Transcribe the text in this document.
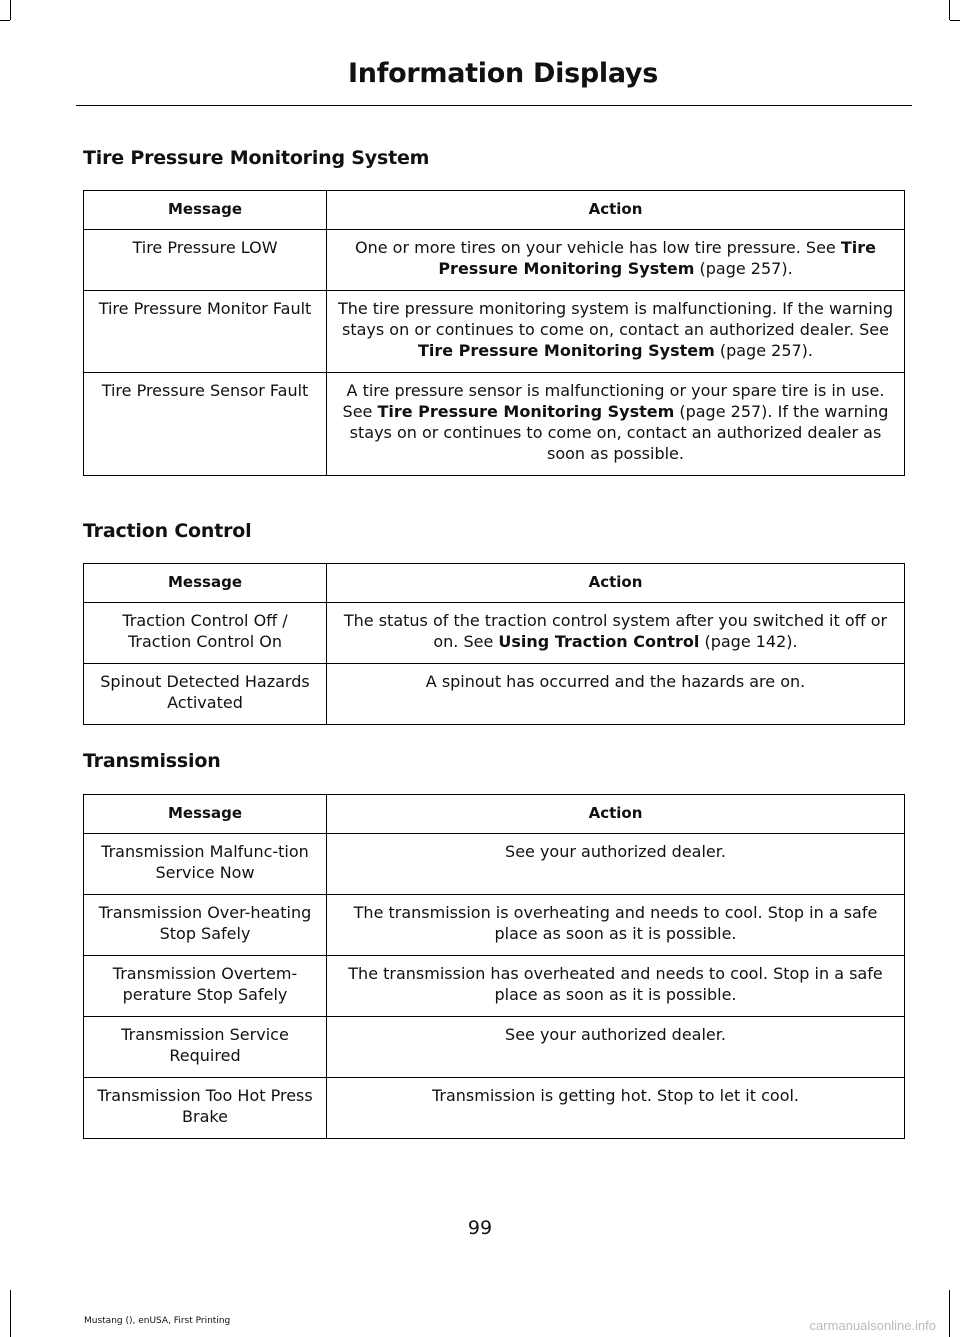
Information Displays
Tire Pressure Monitoring System
Message	Action
Tire Pressure LOW	One or more tires on your vehicle has low tire pressure. See Tire Pressure Monitoring System (page 257).
Tire Pressure Monitor Fault	The tire pressure monitoring system is malfunctioning. If the warning stays on or continues to come on, contact an authorized dealer. See Tire Pressure Monitoring System (page 257).
Tire Pressure Sensor Fault	A tire pressure sensor is malfunctioning or your spare tire is in use. See Tire Pressure Monitoring System (page 257). If the warning stays on or continues to come on, contact an authorized dealer as soon as possible.
Traction Control
Message	Action
Traction Control Off / Traction Control On	The status of the traction control system after you switched it off or on. See Using Traction Control (page 142).
Spinout Detected Hazards Activated	A spinout has occurred and the hazards are on.
Transmission
Message	Action
Transmission Malfunc-tion Service Now	See your authorized dealer.
Transmission Over-heating Stop Safely	The transmission is overheating and needs to cool. Stop in a safe place as soon as it is possible.
Transmission Overtem-perature Stop Safely	The transmission has overheated and needs to cool. Stop in a safe place as soon as it is possible.
Transmission Service Required	See your authorized dealer.
Transmission Too Hot Press Brake	Transmission is getting hot. Stop to let it cool.
99
Mustang (), enUSA, First Printing	carmanualsonline.info
